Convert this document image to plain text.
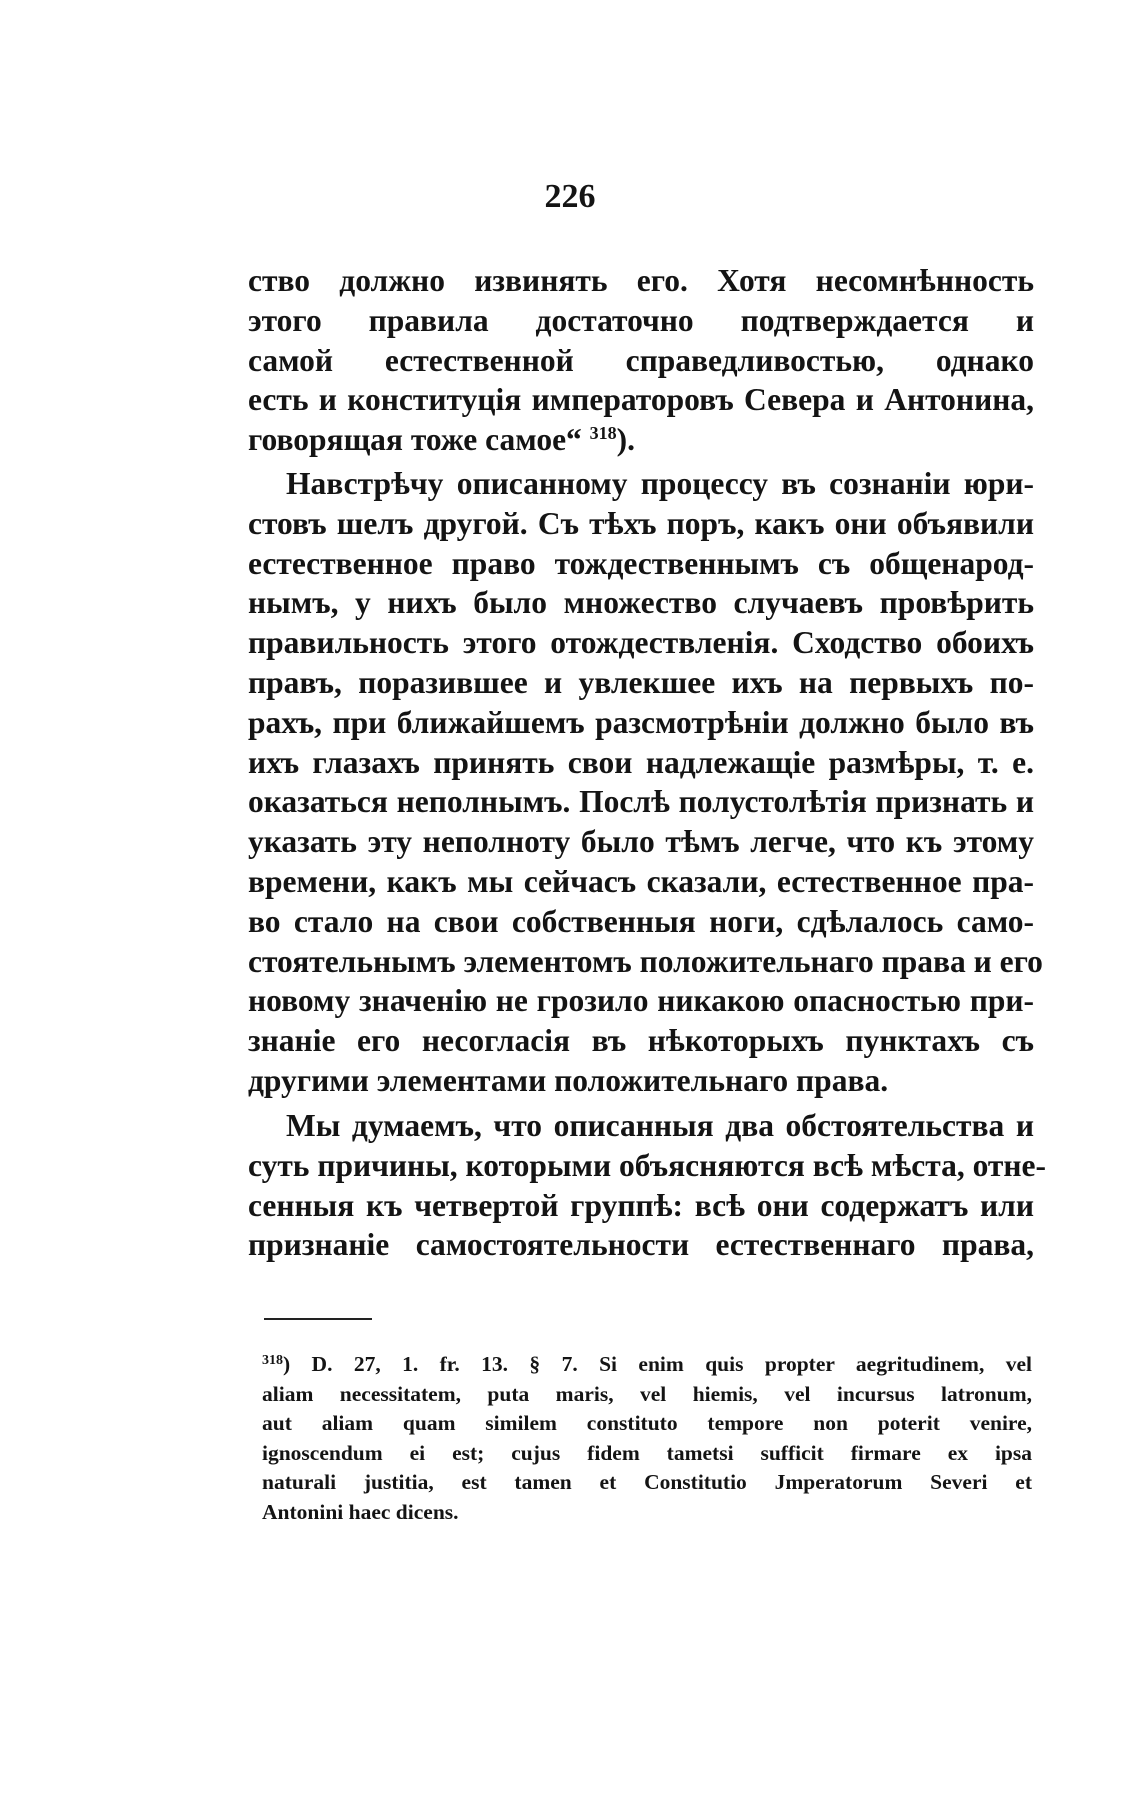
226
ство должно извинять его. Хотя несомнѣнность
этого правила достаточно подтверждается и
самой естественной справедливостью, однако
есть и конституція императоровъ Севера и Антонина,
говорящая тоже самое“ $^{318}$).
Навстрѣчу описанному процессу въ сознаніи юри-
стовъ шелъ другой. Съ тѣхъ поръ, какъ они объявили
естественное право тождественнымъ съ общенарод-
нымъ, у нихъ было множество случаевъ провѣрить
правильность этого отождествленія. Сходство обоихъ
правъ, поразившее и увлекшее ихъ на первыхъ по-
рахъ, при ближайшемъ разсмотрѣніи должно было въ
ихъ глазахъ принять свои надлежащіе размѣры, т. е.
оказаться неполнымъ. Послѣ полустолѣтія признать и
указать эту неполноту было тѣмъ легче, что къ этому
времени, какъ мы сейчасъ сказали, естественное пра-
во стало на свои собственныя ноги, сдѣлалось само-
стоятельнымъ элементомъ положительнаго права и его
новому значенію не грозило никакою опасностью при-
знаніе его несогласія въ нѣкоторыхъ пунктахъ съ
другими элементами положительнаго права.
Мы думаемъ, что описанныя два обстоятельства и
суть причины, которыми объясняются всѣ мѣста, отне-
сенныя къ четвертой группѣ: всѣ они содержатъ или
признаніе самостоятельности естественнаго права,
$^{318}$) D. 27, 1. fr. 13. § 7. Si enim quis propter aegritudinem, vel
aliam necessitatem, puta maris, vel hiemis, vel incursus latronum,
aut aliam quam similem constituto tempore non poterit venire,
ignoscendum ei est; cujus fidem tametsi sufficit firmare ex ipsa
naturali justitia, est tamen et Constitutio Jmperatorum Severi et
Antonini haec dicens.
